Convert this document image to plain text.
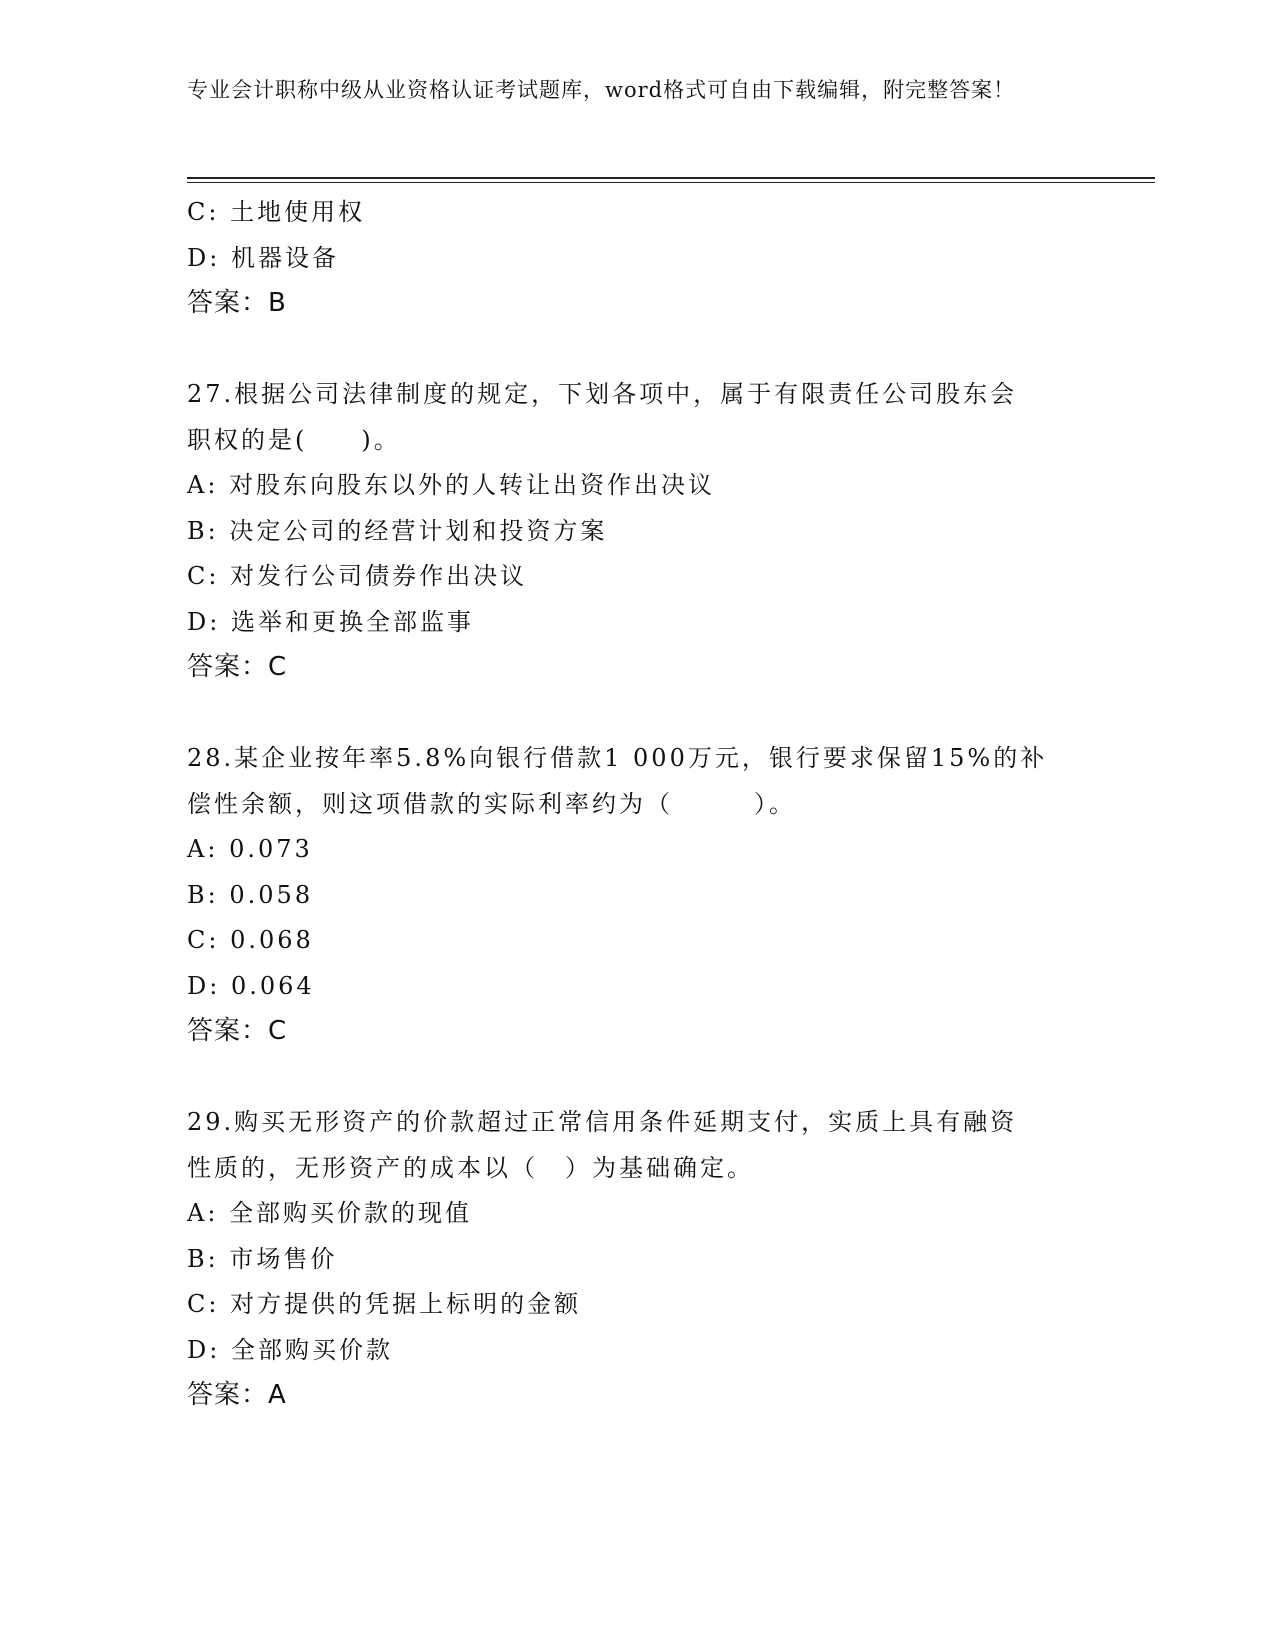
专业会计职称中级从业资格认证考试题库，word格式可自由下载编辑，附完整答案！
C: 土地使用权
D: 机器设备
答案：B
27.根据公司法律制度的规定，下划各项中，属于有限责任公司股东会
职权的是(　　)。
A: 对股东向股东以外的人转让出资作出决议
B: 决定公司的经营计划和投资方案
C: 对发行公司债券作出决议
D: 选举和更换全部监事
答案：C
28.某企业按年率5.8%向银行借款1 000万元，银行要求保留15%的补
偿性余额，则这项借款的实际利率约为（　　　）。
A: 0.073
B: 0.058
C: 0.068
D: 0.064
答案：C
29.购买无形资产的价款超过正常信用条件延期支付，实质上具有融资
性质的，无形资产的成本以（　）为基础确定。
A: 全部购买价款的现值
B: 市场售价
C: 对方提供的凭据上标明的金额
D: 全部购买价款
答案：A
